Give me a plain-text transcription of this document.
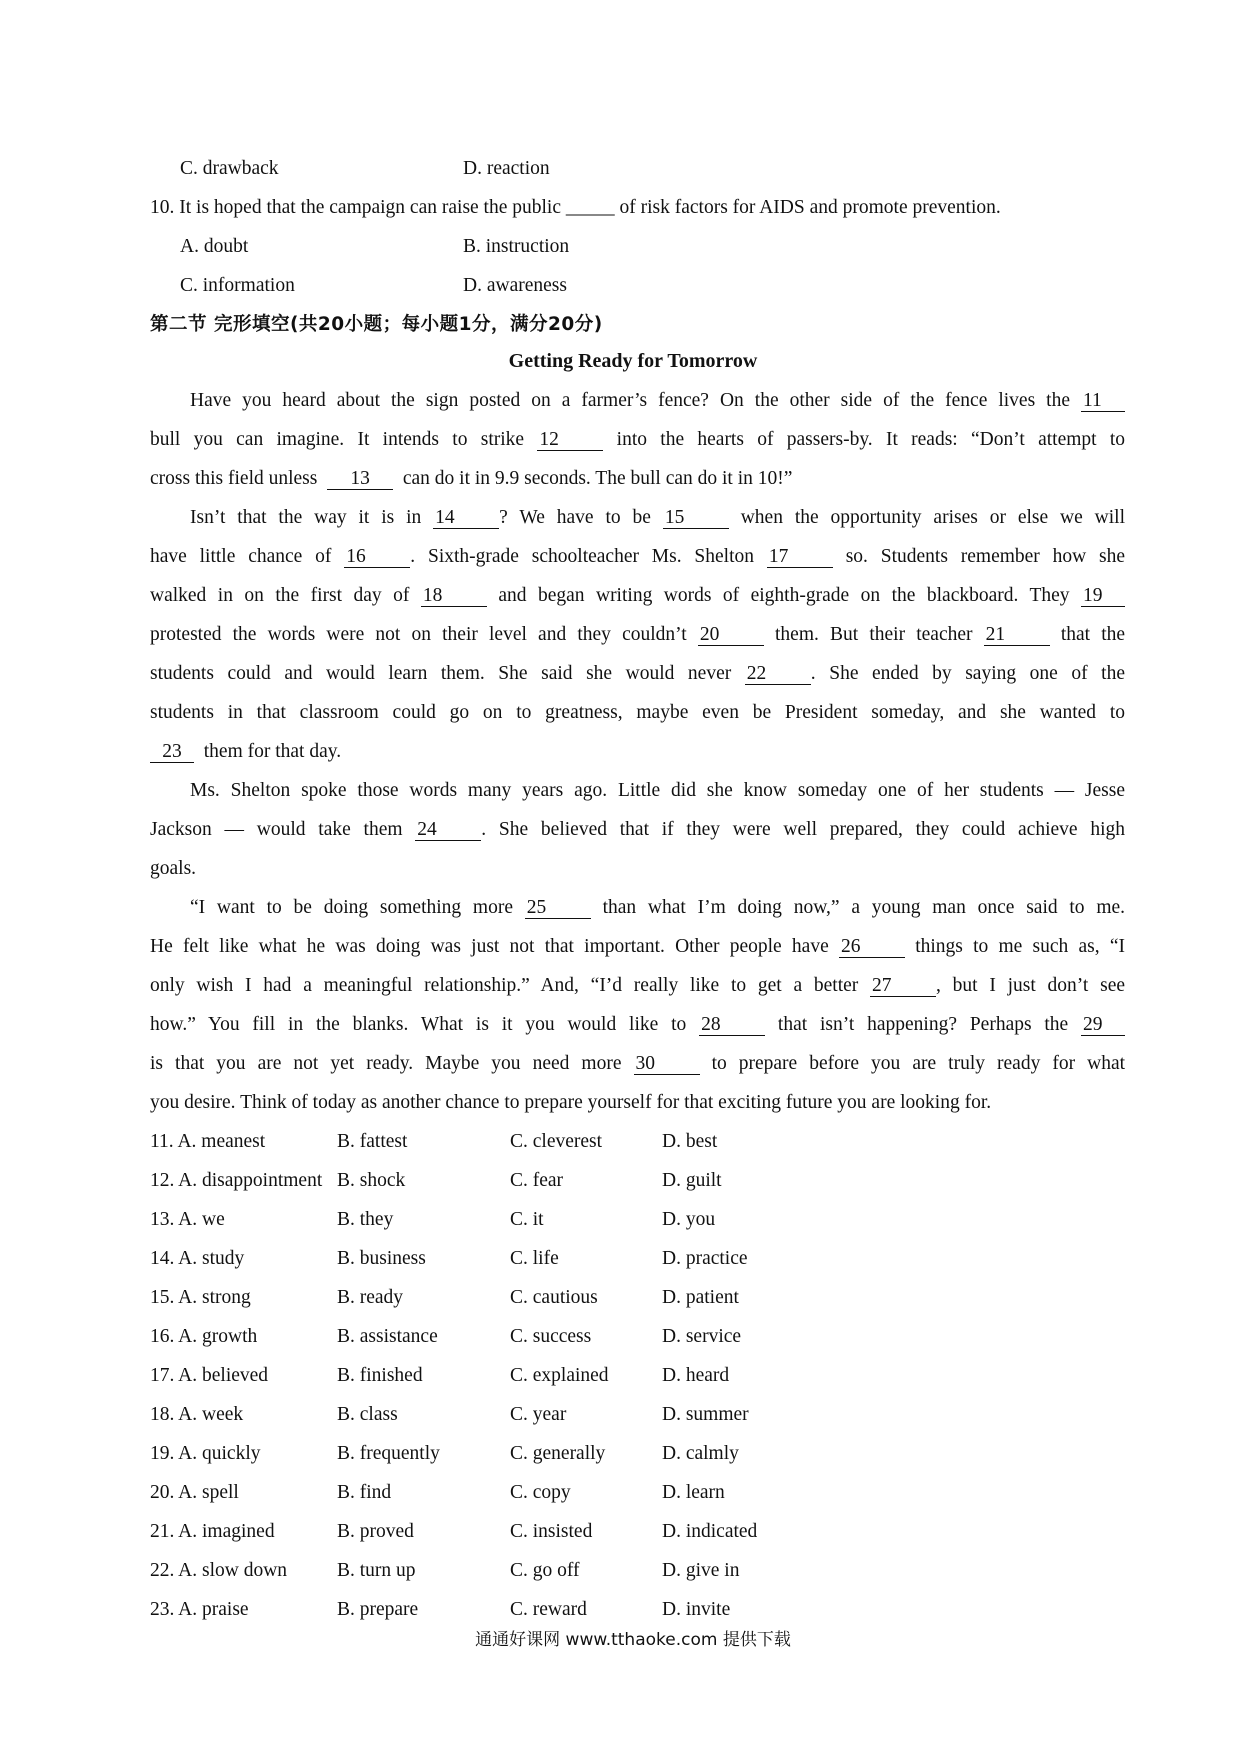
C. drawback	D. reaction
10. It is hoped that the campaign can raise the public _____ of risk factors for AIDS and promote prevention.
A. doubt	B. instruction
C. information	D. awareness
第二节 完形填空(共20小题；每小题1分，满分20分)
Getting Ready for Tomorrow
Have you heard about the sign posted on a farmer’s fence? On the other side of the fence lives the 11
bull you can imagine. It intends to strike 12	into the hearts of passers-by. It reads: “Don’t attempt to
cross this field unless 13 can do it in 9.9 seconds. The bull can do it in 10!”
Isn’t that the way it is in 14 ? We have to be 15	when the opportunity arises or else we will
have little chance of 16 . Sixth-grade schoolteacher Ms. Shelton 17	so. Students remember how she
walked in on the first day of 18	and began writing words of eighth-grade on the blackboard. They 19
protested the words were not on their level and they couldn’t 20	them. But their teacher 21	that the
students could and would learn them. She said she would never 22 . She ended by saying one of the
students in that classroom could go on to greatness, maybe even be President someday, and she wanted to
23 them for that day.
Ms. Shelton spoke those words many years ago. Little did she know someday one of her students — Jesse
Jackson — would take them 24 . She believed that if they were well prepared, they could achieve high
goals.
“I want to be doing something more 25	than what I’m doing now,” a young man once said to me.
He felt like what he was doing was just not that important. Other people have 26	things to me such as, “I
only wish I had a meaningful relationship.” And, “I’d really like to get a better 27 , but I just don’t see
how.” You fill in the blanks. What is it you would like to 28	that isn’t happening? Perhaps the 29
is that you are not yet ready. Maybe you need more 30	to prepare before you are truly ready for what
you desire. Think of today as another chance to prepare yourself for that exciting future you are looking for.
11. A. meanest	B. fattest	C. cleverest	D. best
12. A. disappointment B. shock	C. fear	D. guilt
13. A. we	B. they	C. it	D. you
14. A. study	B. business	C. life	D. practice
15. A. strong	B. ready	C. cautious	D. patient
16. A. growth	B. assistance	C. success	D. service
17. A. believed	B. finished	C. explained	D. heard
18. A. week	B. class	C. year	D. summer
19. A. quickly	B. frequently	C. generally	D. calmly
20. A. spell	B. find	C. copy	D. learn
21. A. imagined	B. proved	C. insisted	D. indicated
22. A. slow down	B. turn up	C. go off	D. give in
23. A. praise	B. prepare	C. reward	D. invite
通通好课网 www.tthaoke.com 提供下载
